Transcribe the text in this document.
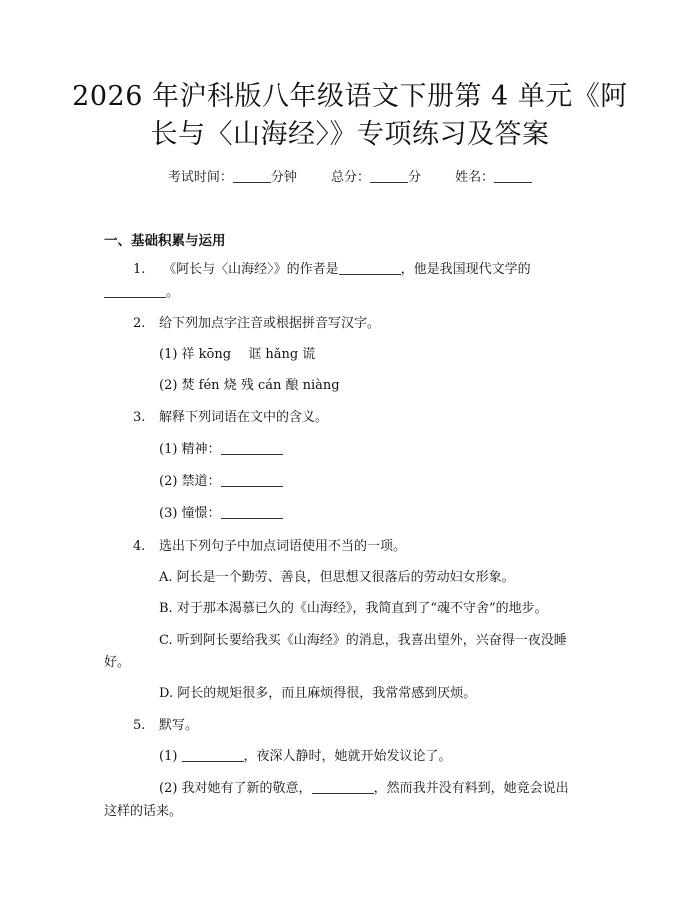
2026 年沪科版八年级语文下册第 4 单元《阿
长与〈山海经〉》专项练习及答案
考试时间：	分钟	总分：	分	姓名：
一、基础积累与运用
1. 《阿长与〈山海经〉》的作者是	，他是我国现代文学的
。
2. 给下列加点字注音或根据拼音写汉字。
(1) 祥 kōng　 诓 hǎng 谎
(2) 焚 fén 烧 残 cán 酿 niàng
3. 解释下列词语在文中的含义。
(1) 精神：
(2) 禁道：
(3) 憧憬：
4. 选出下列句子中加点词语使用不当的一项。
A. 阿长是一个勤劳、善良，但思想又很落后的劳动妇女形象。
B. 对于那本渴慕已久的《山海经》，我简直到了“魂不守舍”的地步。
C. 听到阿长要给我买《山海经》的消息，我喜出望外，兴奋得一夜没睡
好。
D. 阿长的规矩很多，而且麻烦得很，我常常感到厌烦。
5. 默写。
(1)	，夜深人静时，她就开始发议论了。
(2) 我对她有了新的敬意，	，然而我并没有料到，她竟会说出
这样的话来。
